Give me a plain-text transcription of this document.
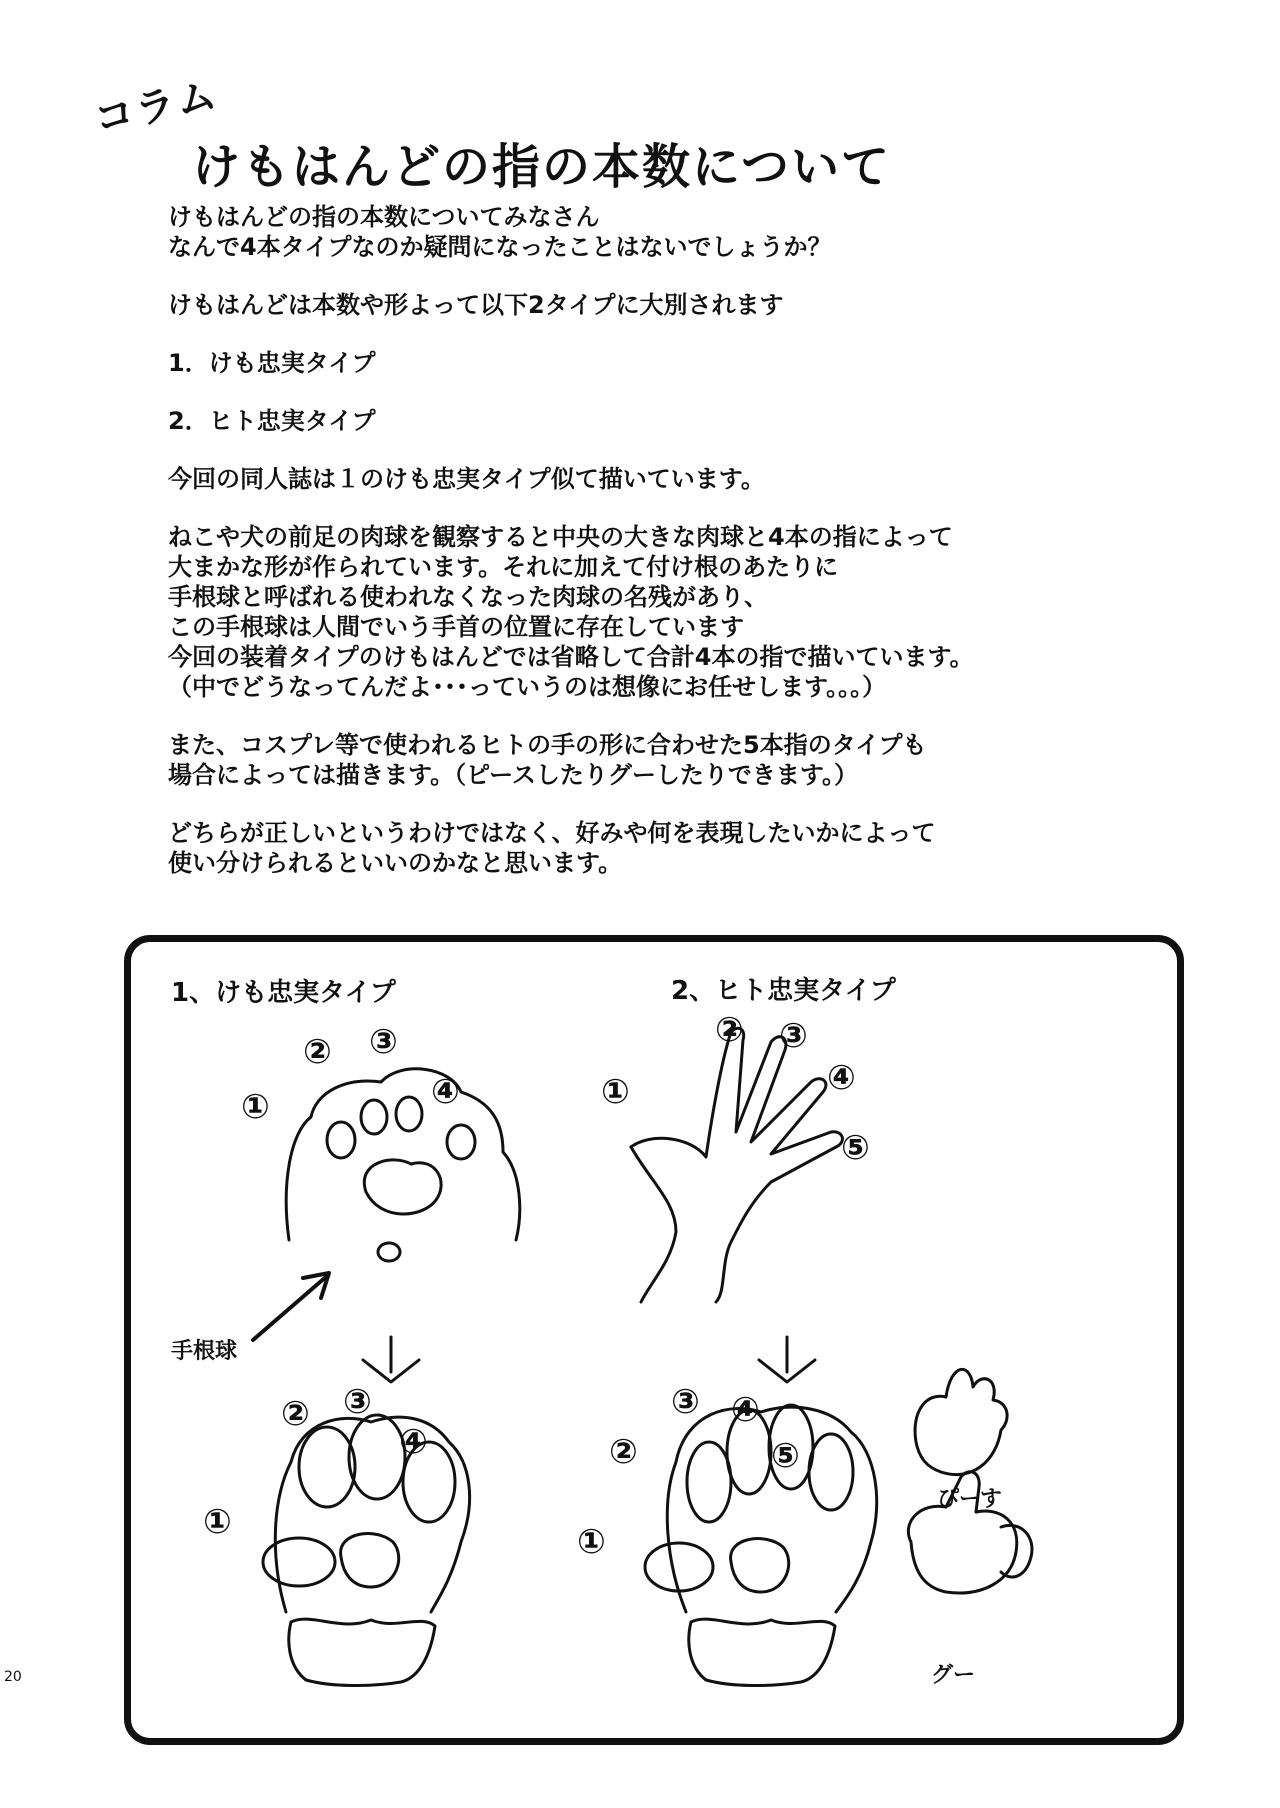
コラム
けもはんどの指の本数について

けもはんどの指の本数についてみなさん

なんで4本タイプなのか疑問になったことはないでしょうか？

けもはんどは本数や形よって以下2タイプに大別されます

1．けも忠実タイプ

2．ヒト忠実タイプ

今回の同人誌は１のけも忠実タイプ似て描いています。

ねこや犬の前足の肉球を観察すると中央の大きな肉球と4本の指によって

大まかな形が作られています。それに加えて付け根のあたりに

手根球と呼ばれる使われなくなった肉球の名残があり、

この手根球は人間でいう手首の位置に存在しています

今回の装着タイプのけもはんどでは省略して合計4本の指で描いています。

（中でどうなってんだよ･･･っていうのは想像にお任せします。。。）

また、コスプレ等で使われるヒトの手の形に合わせた5本指のタイプも

場合によっては描きます。（ピースしたりグーしたりできます。）

どちらが正しいというわけではなく、好みや何を表現したいかによって

使い分けられるといいのかなと思います。

1、けも忠実タイプ	2、ヒト忠実タイプ
手根球
ぴーす
グー
①
② ③
④
①
② ③
④
①
② ③
④
⑤
①
②
③ ④
⑤
20
